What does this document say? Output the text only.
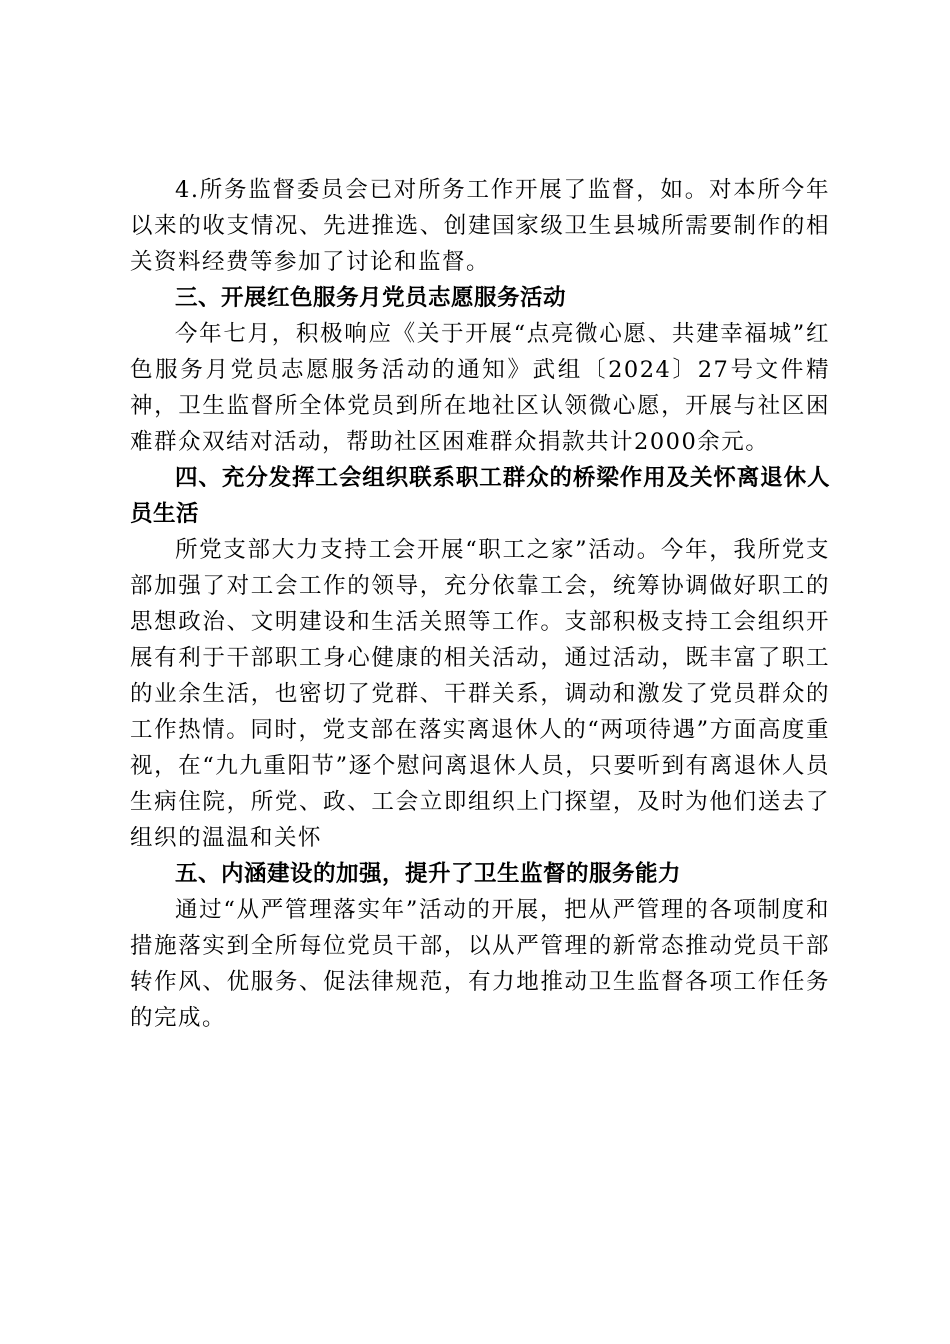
4.所务监督委员会已对所务工作开展了监督，如。对本所今年以来的收支情况、先进推选、创建国家级卫生县城所需要制作的相关资料经费等参加了讨论和监督。

三、开展红色服务月党员志愿服务活动

今年七月，积极响应《关于开展“点亮微心愿、共建幸福城”红色服务月党员志愿服务活动的通知》武组〔2024〕27号文件精神，卫生监督所全体党员到所在地社区认领微心愿，开展与社区困难群众双结对活动，帮助社区困难群众捐款共计2000余元。

四、充分发挥工会组织联系职工群众的桥梁作用及关怀离退休人员生活

所党支部大力支持工会开展“职工之家”活动。今年，我所党支部加强了对工会工作的领导，充分依靠工会，统筹协调做好职工的思想政治、文明建设和生活关照等工作。支部积极支持工会组织开展有利于干部职工身心健康的相关活动，通过活动，既丰富了职工的业余生活，也密切了党群、干群关系，调动和激发了党员群众的工作热情。同时，党支部在落实离退休人的“两项待遇”方面高度重视，在“九九重阳节”逐个慰问离退休人员，只要听到有离退休人员生病住院，所党、政、工会立即组织上门探望，及时为他们送去了组织的温温和关怀

五、内涵建设的加强，提升了卫生监督的服务能力

通过“从严管理落实年”活动的开展，把从严管理的各项制度和措施落实到全所每位党员干部，以从严管理的新常态推动党员干部转作风、优服务、促法律规范，有力地推动卫生监督各项工作任务的完成。
